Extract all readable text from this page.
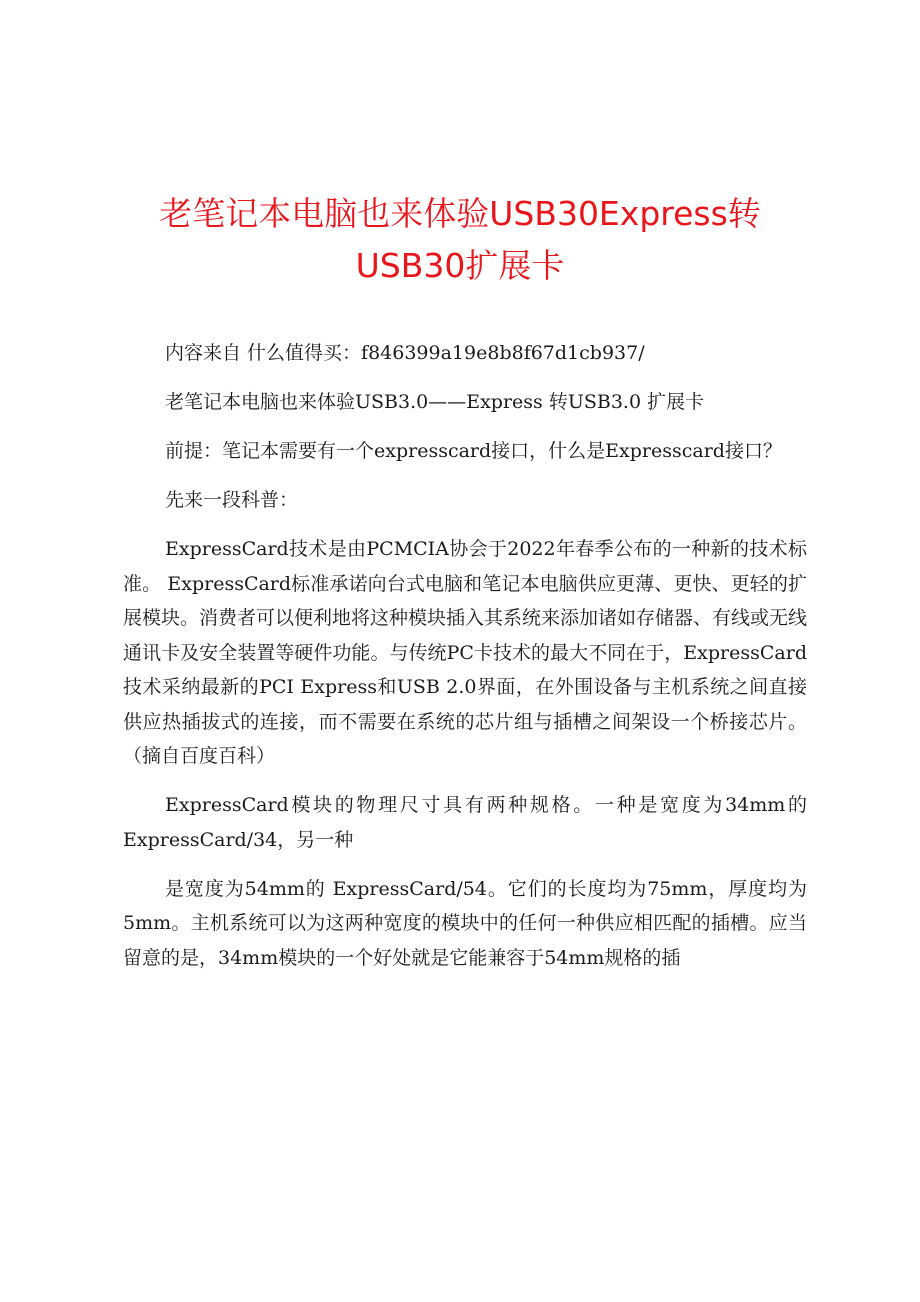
老笔记本电脑也来体验USB30Express转USB30扩展卡

内容来自 什么值得买：f846399a19e8b8f67d1cb937/

老笔记本电脑也来体验USB3.0——Express 转USB3.0 扩展卡

前提：笔记本需要有一个expresscard接口，什么是Expresscard接口？

先来一段科普：

ExpressCard技术是由PCMCIA协会于2022年春季公布的一种新的技术标准。 ExpressCard标准承诺向台式电脑和笔记本电脑供应更薄、更快、更轻的扩展模块。消费者可以便利地将这种模块插入其系统来添加诸如存储器、有线或无线通讯卡及安全装置等硬件功能。与传统PC卡技术的最大不同在于，ExpressCard技术采纳最新的PCI Express和USB 2.0界面，在外围设备与主机系统之间直接供应热插拔式的连接，而不需要在系统的芯片组与插槽之间架设一个桥接芯片。（摘自百度百科）

ExpressCard模块的物理尺寸具有两种规格。一种是宽度为34mm的ExpressCard/34，另一种

是宽度为54mm的 ExpressCard/54。它们的长度均为75mm，厚度均为5mm。主机系统可以为这两种宽度的模块中的任何一种供应相匹配的插槽。应当留意的是，34mm模块的一个好处就是它能兼容于54mm规格的插
